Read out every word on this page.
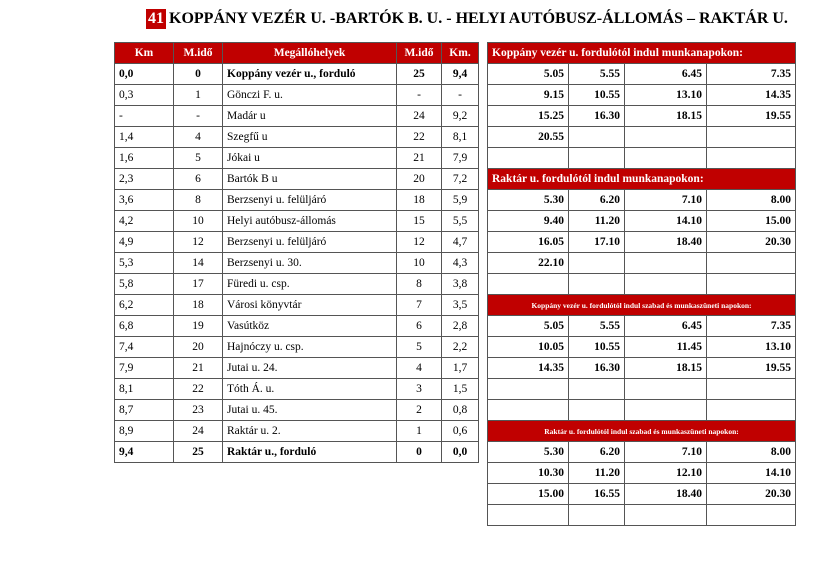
41 KOPPÁNY VEZÉR U. -BARTÓK B. U. - HELYI AUTÓBUSZ-ÁLLOMÁS – RAKTÁR U.
Km	M.idő	Megállóhelyek	M.idő	Km.
0,0	0	Koppány vezér u., forduló	25	9,4
0,3	1	Gönczi F. u.	-	-
-	-	Madár u	24	9,2
1,4	4	Szegfű u	22	8,1
1,6	5	Jókai u	21	7,9
2,3	6	Bartók B u	20	7,2
3,6	8	Berzsenyi u. felüljáró	18	5,9
4,2	10	Helyi autóbusz-állomás	15	5,5
4,9	12	Berzsenyi u. felüljáró	12	4,7
5,3	14	Berzsenyi u. 30.	10	4,3
5,8	17	Füredi u. csp.	8	3,8
6,2	18	Városi könyvtár	7	3,5
6,8	19	Vasútköz	6	2,8
7,4	20	Hajnóczy u. csp.	5	2,2
7,9	21	Jutai u. 24.	4	1,7
8,1	22	Tóth Á. u.	3	1,5
8,7	23	Jutai u. 45.	2	0,8
8,9	24	Raktár u. 2.	1	0,6
9,4	25	Raktár u., forduló	0	0,0
Koppány vezér u. fordulótól indul munkanapokon:			
5.05	5.55	6.45	7.35
9.15	10.55	13.10	14.35
15.25	16.30	18.15	19.55
20.55			

Raktár u. fordulótól indul munkanapokon:			
5.30	6.20	7.10	8.00
9.40	11.20	14.10	15.00
16.05	17.10	18.40	20.30
22.10			

Koppány vezér u. fordulótól indul szabad és munkaszüneti napokon:			
5.05	5.55	6.45	7.35
10.05	10.55	11.45	13.10
14.35	16.30	18.15	19.55

Raktár u. fordulótól indul szabad és munkaszüneti napokon:			
5.30	6.20	7.10	8.00
10.30	11.20	12.10	14.10
15.00	16.55	18.40	20.30
